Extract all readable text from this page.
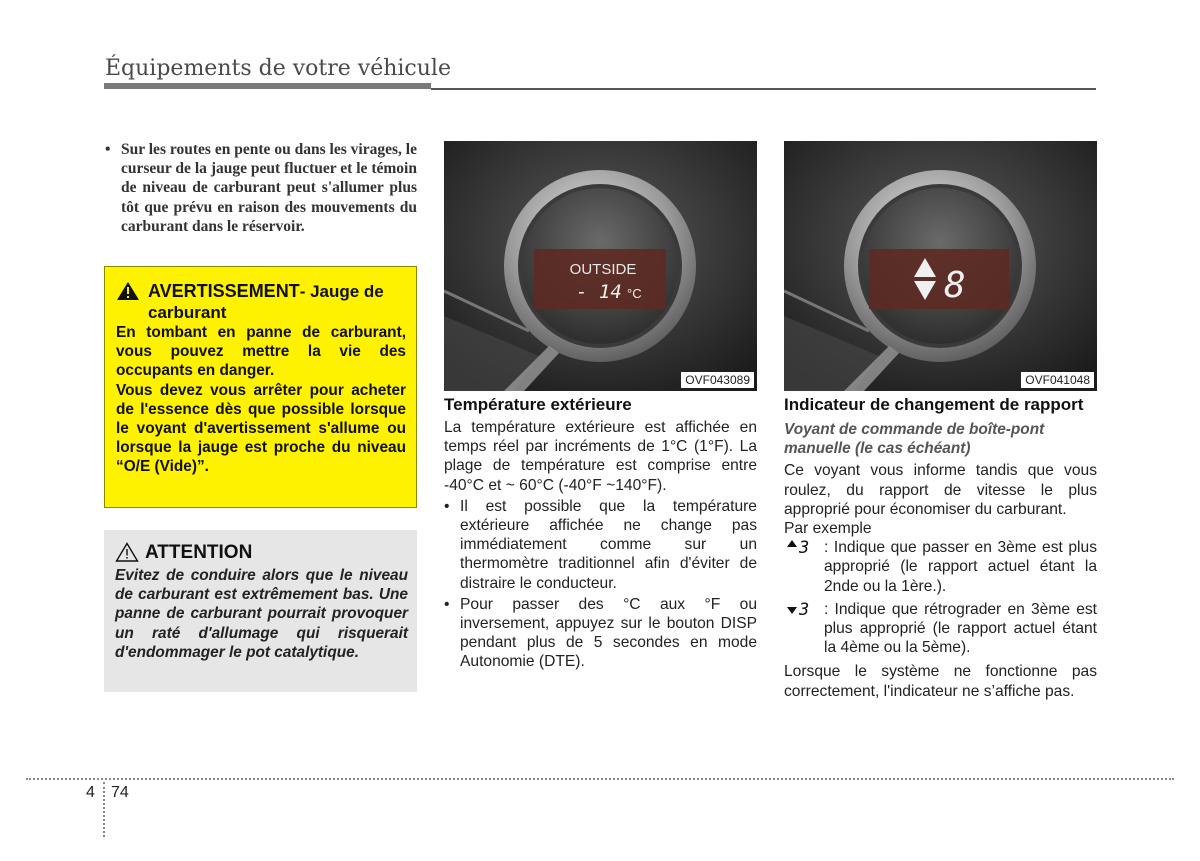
Équipements de votre véhicule
• Sur les routes en pente ou dans les virages, le curseur de la jauge peut fluctuer et le témoin de niveau de carburant peut s'allumer plus tôt que prévu en raison des mouvements du carburant dans le réservoir.
AVERTISSEMENT- Jauge de carburant

En tombant en panne de carburant, vous pouvez mettre la vie des occupants en danger.

Vous devez vous arrêter pour acheter de l'essence dès que possible lorsque le voyant d'avertissement s'allume ou lorsque la jauge est proche du niveau “O/E (Vide)”.

ATTENTION
Evitez de conduire alors que le niveau de carburant est extrêmement bas. Une panne de carburant pourrait provoquer un raté d'allumage qui risquerait d'endommager le pot catalytique.
OUTSIDE
- 14 °C
OVF043089
8
OVF041048
Température extérieure
La température extérieure est affichée en temps réel par incréments de 1°C (1°F). La plage de température est comprise entre -40°C et ~ 60°C (-40°F ~140°F).
• Il est possible que la température extérieure affichée ne change pas immédiatement comme sur un thermomètre traditionnel afin d'éviter de distraire le conducteur.
• Pour passer des °C aux °F ou inversement, appuyez sur le bouton DISP pendant plus de 5 secondes en mode Autonomie (DTE).
Indicateur de changement de rapport
Voyant de commande de boîte-pont manuelle (le cas échéant)
Ce voyant vous informe tandis que vous roulez, du rapport de vitesse le plus approprié pour économiser du carburant.
Par exemple
3 : Indique que passer en 3ème est plus approprié (le rapport actuel étant la 2nde ou la 1ère.).
3 : Indique que rétrograder en 3ème est plus approprié (le rapport actuel étant la 4ème ou la 5ème).
Lorsque le système ne fonctionne pas correctement, l'indicateur ne s’affiche pas.
4 74
